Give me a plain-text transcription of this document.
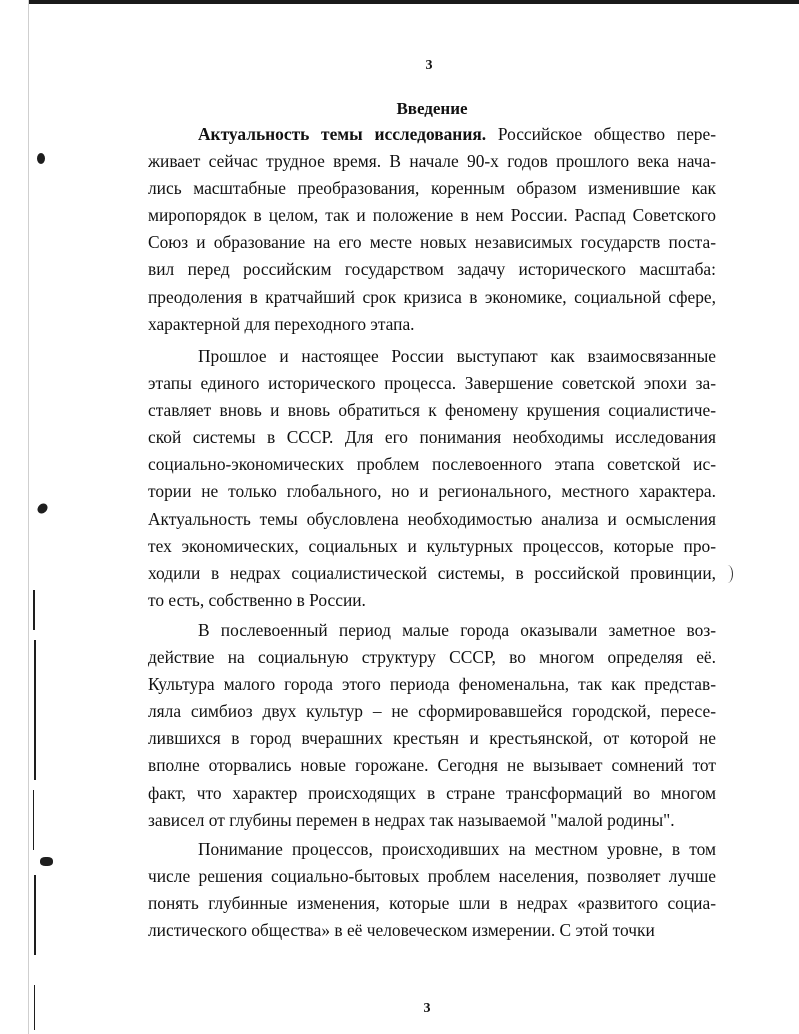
3
Введение
Актуальность темы исследования. Российское общество пере-
живает сейчас трудное время. В начале 90-х годов прошлого века нача-
лись масштабные преобразования, коренным образом изменившие как
миропорядок в целом, так и положение в нем России. Распад Советского
Союз и образование на его месте новых независимых государств поста-
вил перед российским государством задачу исторического масштаба:
преодоления в кратчайший срок кризиса в экономике, социальной сфере,
характерной для переходного этапа.
Прошлое и настоящее России выступают как взаимосвязанные
этапы единого исторического процесса. Завершение советской эпохи за-
ставляет вновь и вновь обратиться к феномену крушения социалистиче-
ской системы в СССР. Для его понимания необходимы исследования
социально-экономических проблем послевоенного этапа советской ис-
тории не только глобального, но и регионального, местного характера.
Актуальность темы обусловлена необходимостью анализа и осмысления
тех экономических, социальных и культурных процессов, которые про-
ходили в недрах социалистической системы, в российской провинции,
то есть, собственно в России.
В послевоенный период малые города оказывали заметное воз-
действие на социальную структуру СССР, во многом определяя её.
Культура малого города этого периода феноменальна, так как представ-
ляла симбиоз двух культур – не сформировавшейся городской, пересе-
лившихся в город вчерашних крестьян и крестьянской, от которой не
вполне оторвались новые горожане. Сегодня не вызывает сомнений тот
факт, что характер происходящих в стране трансформаций во многом
зависел от глубины перемен в недрах так называемой "малой родины".
Понимание процессов, происходивших на местном уровне, в том
числе решения социально-бытовых проблем населения, позволяет лучше
понять глубинные изменения, которые шли в недрах «развитого социа-
листического общества» в её человеческом измерении. С этой точки
3
